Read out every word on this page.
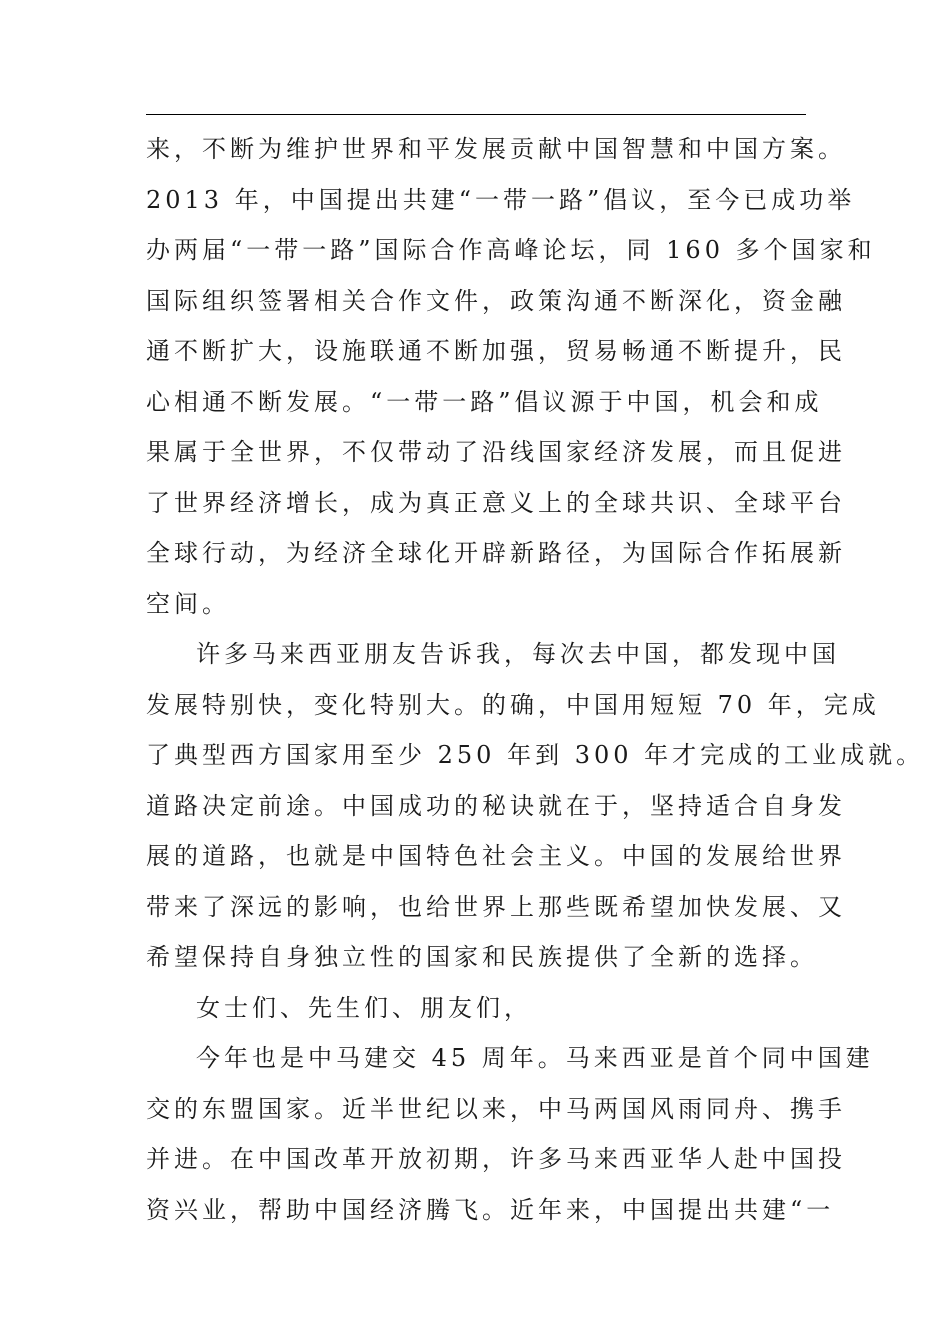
来，不断为维护世界和平发展贡献中国智慧和中国方案。
2013 年，中国提出共建“一带一路”倡议，至今已成功举
办两届“一带一路”国际合作高峰论坛，同 160 多个国家和
国际组织签署相关合作文件，政策沟通不断深化，资金融
通不断扩大，设施联通不断加强，贸易畅通不断提升，民
心相通不断发展。“一带一路”倡议源于中国，机会和成
果属于全世界，不仅带动了沿线国家经济发展，而且促进
了世界经济增长，成为真正意义上的全球共识、全球平台
全球行动，为经济全球化开辟新路径，为国际合作拓展新
空间。
许多马来西亚朋友告诉我，每次去中国，都发现中国
发展特别快，变化特别大。的确，中国用短短 70 年，完成
了典型西方国家用至少 250 年到 300 年才完成的工业成就。
道路决定前途。中国成功的秘诀就在于，坚持适合自身发
展的道路，也就是中国特色社会主义。中国的发展给世界
带来了深远的影响，也给世界上那些既希望加快发展、又
希望保持自身独立性的国家和民族提供了全新的选择。
女士们、先生们、朋友们，
今年也是中马建交 45 周年。马来西亚是首个同中国建
交的东盟国家。近半世纪以来，中马两国风雨同舟、携手
并进。在中国改革开放初期，许多马来西亚华人赴中国投
资兴业，帮助中国经济腾飞。近年来，中国提出共建“一
